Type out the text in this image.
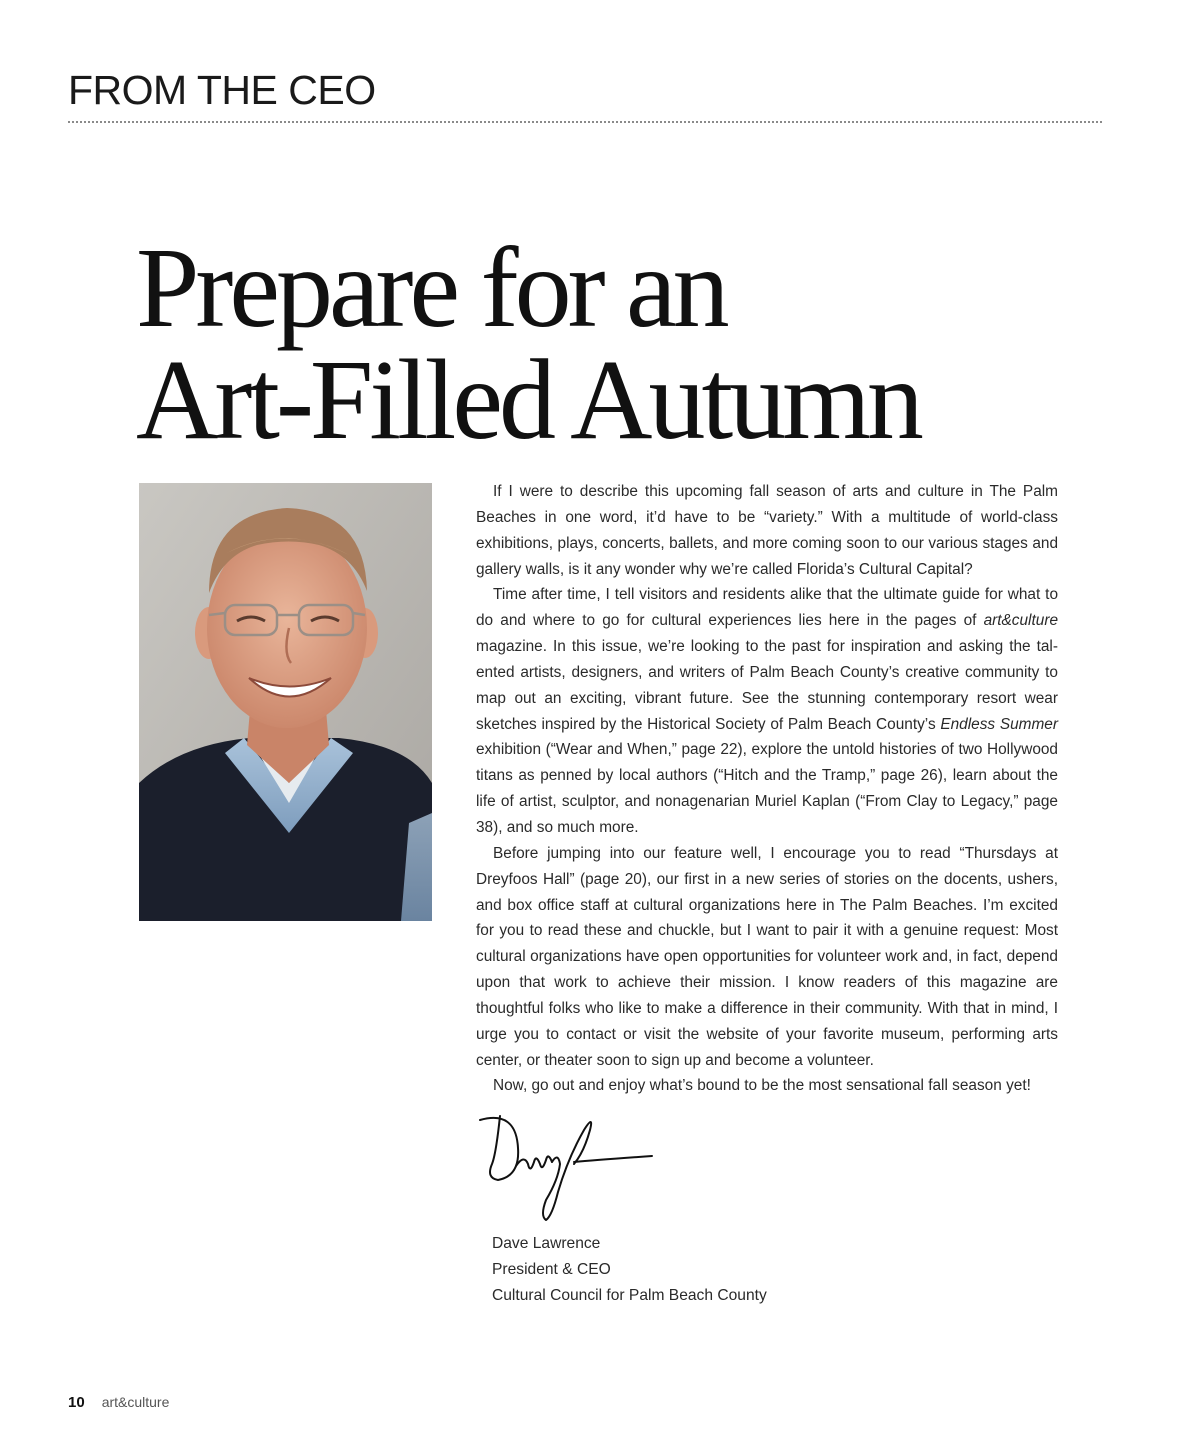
FROM THE CEO
Prepare for an
Art-Filled Autumn

If I were to describe this upcoming fall season of arts and culture in The Palm Beaches in one word, it’d have to be “variety.” With a multitude of world-class exhibitions, plays, concerts, ballets, and more coming soon to our various stages and gallery walls, is it any wonder why we’re called Florida’s Cultural Capital?

Time after time, I tell visitors and residents alike that the ultimate guide for what to do and where to go for cultural experiences lies here in the pages of art&culture magazine. In this issue, we’re looking to the past for inspiration and asking the talented artists, designers, and writers of Palm Beach County’s creative community to map out an exciting, vibrant future. See the stunning contemporary resort wear sketches inspired by the Historical Society of Palm Beach County’s Endless Summer exhibition (“Wear and When,” page 22), explore the untold histories of two Hollywood titans as penned by local authors (“Hitch and the Tramp,” page 26), learn about the life of artist, sculptor, and nonagenarian Muriel Kaplan (“From Clay to Legacy,” page 38), and so much more.

Before jumping into our feature well, I encourage you to read “Thursdays at Dreyfoos Hall” (page 20), our first in a new series of stories on the docents, ushers, and box office staff at cultural organizations here in The Palm Beaches. I’m excited for you to read these and chuckle, but I want to pair it with a genuine request: Most cultural organizations have open opportunities for volunteer work and, in fact, depend upon that work to achieve their mission. I know readers of this magazine are thoughtful folks who like to make a difference in their community. With that in mind, I urge you to contact or visit the website of your favorite museum, performing arts center, or theater soon to sign up and become a volunteer.

Now, go out and enjoy what’s bound to be the most sensational fall season yet!

Dave Lawrence
President & CEO
Cultural Council for Palm Beach County
10 art&culture
